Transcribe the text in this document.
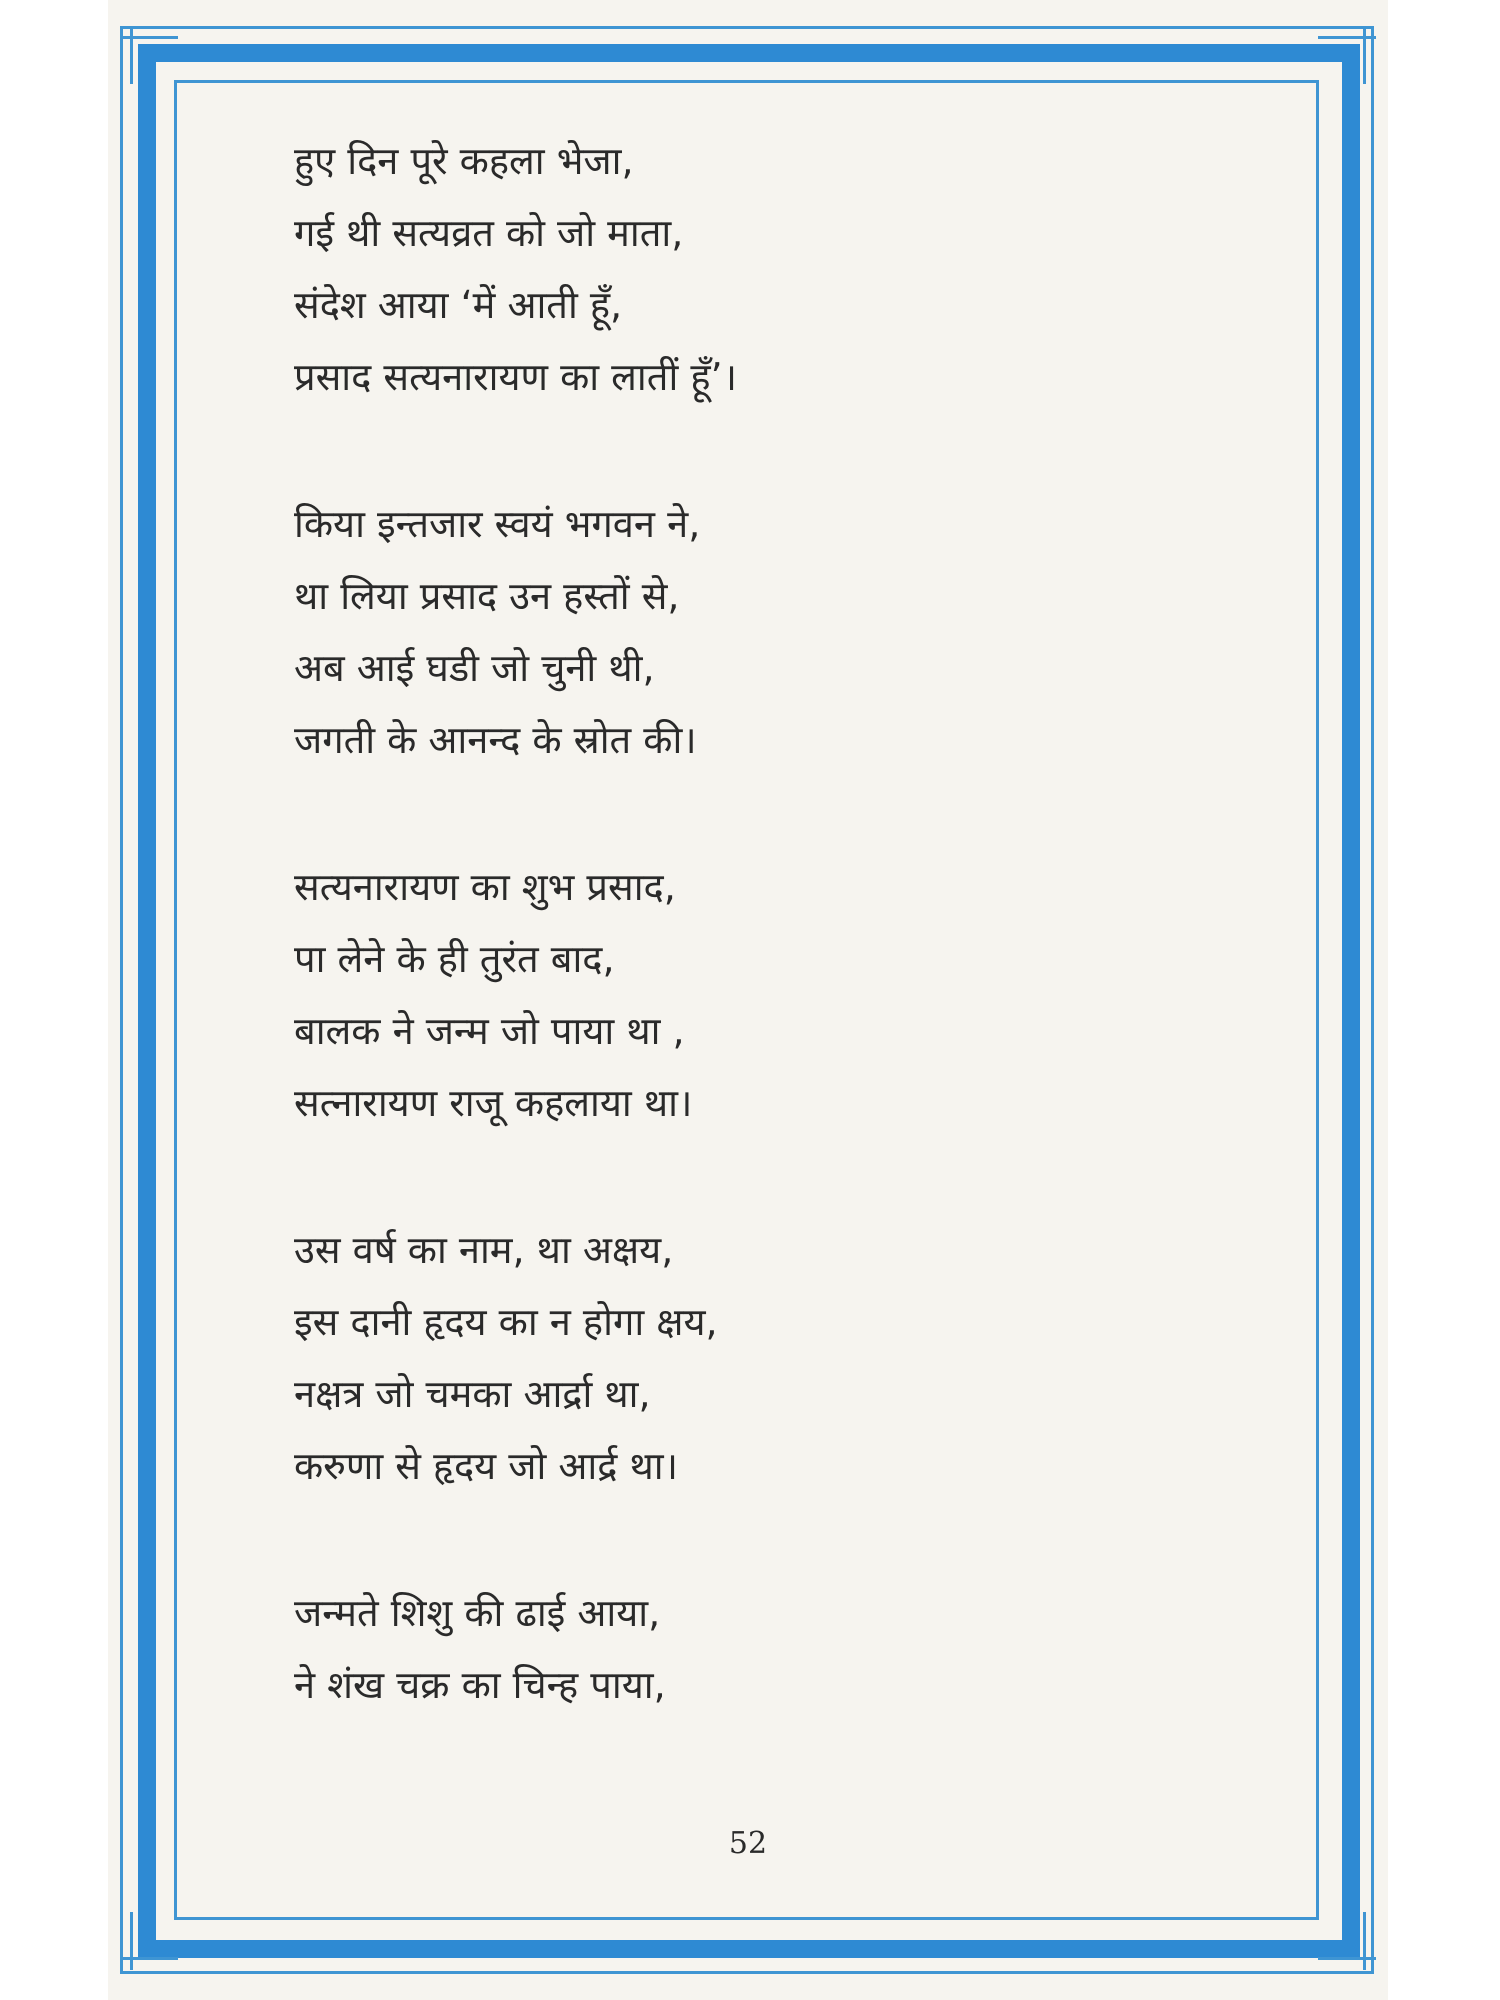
हुए दिन पूरे कहला भेजा,
गई थी सत्यव्रत को जो माता,
संदेश आया ‘में आती हूँ,
प्रसाद सत्यनारायण का लातीं हूँ’।
किया इन्तजार स्वयं भगवन ने,
था लिया प्रसाद उन हस्तों से,
अब आई घडी जो चुनी थी,
जगती के आनन्द के स्रोत की।
सत्यनारायण का शुभ प्रसाद,
पा लेने के ही तुरंत बाद,
बालक ने जन्म जो पाया था ,
सत्नारायण राजू कहलाया था।
उस वर्ष का नाम, था अक्षय,
इस दानी हृदय का न होगा क्षय,
नक्षत्र जो चमका आर्द्रा था,
करुणा से हृदय जो आर्द्र था।
जन्मते शिशु की ढाई आया,
ने शंख चक्र का चिन्ह पाया,
52
